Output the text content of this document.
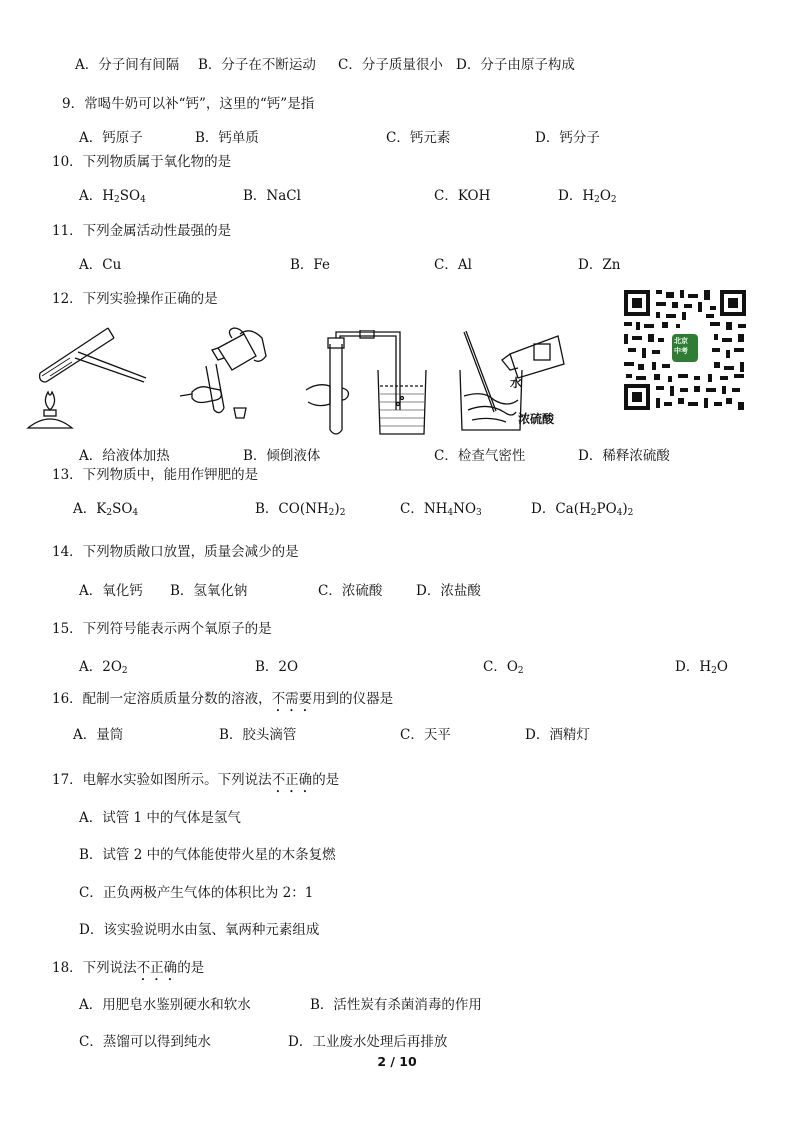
A．分子间有间隔 B．分子在不断运动 C．分子质量很小 D．分子由原子构成
9．常喝牛奶可以补“钙”，这里的“钙”是指
A．钙原子	B．钙单质	C．钙元素	D．钙分子
10．下列物质属于氧化物的是
A．$H_2SO_4$	B．NaCl	C．KOH	D．$H_2O_2$
11．下列金属活动性最强的是
A．Cu	B．Fe	C．Al	D．Zn
12．下列实验操作正确的是
水
浓硫酸
北京
中考
A．给液体加热	B．倾倒液体	C．检查气密性	D．稀释浓硫酸
13．下列物质中，能用作钾肥的是
A．$K_2SO_4$	B．$CO(NH_2)_2$	C．$NH_4NO_3$	D．$Ca(H_2PO_4)_2$
14．下列物质敞口放置，质量会减少的是
A．氧化钙 B．氢氧化钠	C．浓硫酸 D．浓盐酸
15．下列符号能表示两个氧原子的是
A．$2O_2$	B．2O	C．$O_2$	D．$H_2O$
16．配制一定溶质质量分数的溶液，不需要用到的仪器是
A．量筒	B．胶头滴管	C．天平	D．酒精灯
17．电解水实验如图所示。下列说法不正确的是
A．试管 1 中的气体是氢气
B．试管 2 中的气体能使带火星的木条复燃
C．正负两极产生气体的体积比为 2：1
D．该实验说明水由氢、氧两种元素组成
18．下列说法不正确的是
A．用肥皂水鉴别硬水和软水	B．活性炭有杀菌消毒的作用
C．蒸馏可以得到纯水	D．工业废水处理后再排放
2 / 10
